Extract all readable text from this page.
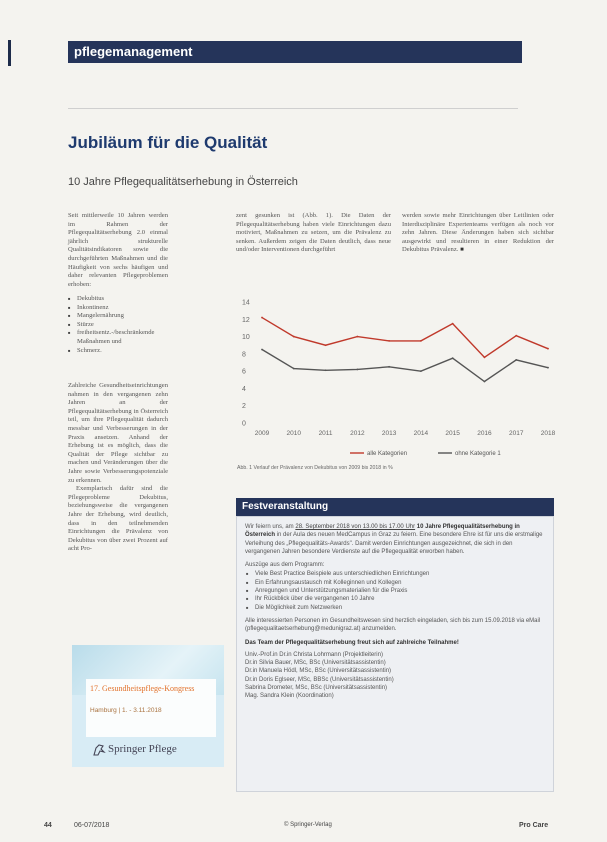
pflegemanagement
Jubiläum für die Qualität
10 Jahre Pflegequalitätserhebung in Österreich

Seit mittlerweile 10 Jahren werden im Rahmen der Pflegequalitätserhebung 2.0 einmal jährlich strukturelle Qualitätsindikatoren sowie die durchgeführten Maßnahmen und die Häufigkeit von sechs häufigen und daher relevanten Pflegeproblemen erhoben:

■ Dekubitus
■ Inkontinenz
■ Mangelernährung
■ Stürze
■ freiheitsentz.-/beschränkende Maßnahmen und
■ Schmerz.

Zahlreiche Gesundheitseinrichtungen nahmen in den vergangenen zehn Jahren an der Pflegequalitätserhebung in Österreich teil, um ihre Pflegequalität dadurch messbar und Verbesserungen in der Praxis ansetzen. Anhand der Erhebung ist es möglich, dass die Qualität der Pflege sichtbar zu machen und Veränderungen über die Jahre sowie Verbesserungspotenziale zu erkennen.

Exemplarisch dafür sind die Pflegeprobleme Dekubitus, beziehungsweise die vergangenen Jahre der Erhebung, wird deutlich, dass in den teilnehmenden Einrichtungen die Prävalenz von Dekubitus von über zwei Prozent auf acht Pro-

zent gesunken ist (Abb. 1). Die Daten der Pflegequalitätserhebung haben viele Einrichtungen dazu motiviert, Maßnahmen zu setzen, um die Prävalenz zu senken. Außerdem zeigen die Daten deutlich, dass neue und/oder Interventionen durchgeführt

werden sowie mehr Einrichtungen über Leitlinien oder Interdisziplinäre Expertenteams verfügen als noch vor zehn Jahren. Diese Änderungen haben sich sichtbar ausgewirkt und resultieren in einer Reduktion der Dekubitus Prävalenz. ■

14
12
10
8
6
4
2
0
2009	2010	2011	2012	2013	2014	2015	2016	2017	2018
alle Kategorien	ohne Kategorie 1
Abb. 1 Verlauf der Prävalenz von Dekubitus von 2009 bis 2018 in %
17. Gesundheitspflege-Kongress
Hamburg | 1. - 3.11.2018
Springer Pflege
Festveranstaltung

Wir feiern uns, am 28. September 2018 von 13.00 bis 17.00 Uhr 10 Jahre Pflegequalitätserhebung in Österreich in der Aula des neuen MedCampus in Graz zu feiern. Eine besondere Ehre ist für uns die erstmalige Verleihung des „Pflegequalitäts-Awards". Damit werden Einrichtungen ausgezeichnet, die sich in den vergangenen Jahren besondere Verdienste auf die Pflegequalität erworben haben.

Auszüge aus dem Programm:

■ Viele Best Practice Beispiele aus unterschiedlichen Einrichtungen
■ Ein Erfahrungsaustausch mit Kolleginnen und Kollegen
■ Anregungen und Unterstützungsmaterialien für die Praxis
■ Ihr Rückblick über die vergangenen 10 Jahre
■ Die Möglichkeit zum Netzwerken

Alle interessierten Personen im Gesundheitswesen sind herzlich eingeladen, sich bis zum 15.09.2018 via eMail (pflegequalitaetserhebung@medunigraz.at) anzumelden.

Das Team der Pflegequalitätserhebung freut sich auf zahlreiche Teilnahme!

Univ.-Prof.in Dr.in Christa Lohrmann (Projektleiterin)

Dr.in Silvia Bauer, MSc, BSc (Universitätsassistentin)

Dr.in Manuela Hödl, MSc, BSc (Universitätsassistentin)

Dr.in Doris Eglseer, MSc, BBSc (Universitätsassistentin)

Sabrina Drometer, MSc, BSc (Universitätsassistentin)

Mag. Sandra Klein (Koordination)

44	06-07/2018	© Springer-Verlag	Pro Care
